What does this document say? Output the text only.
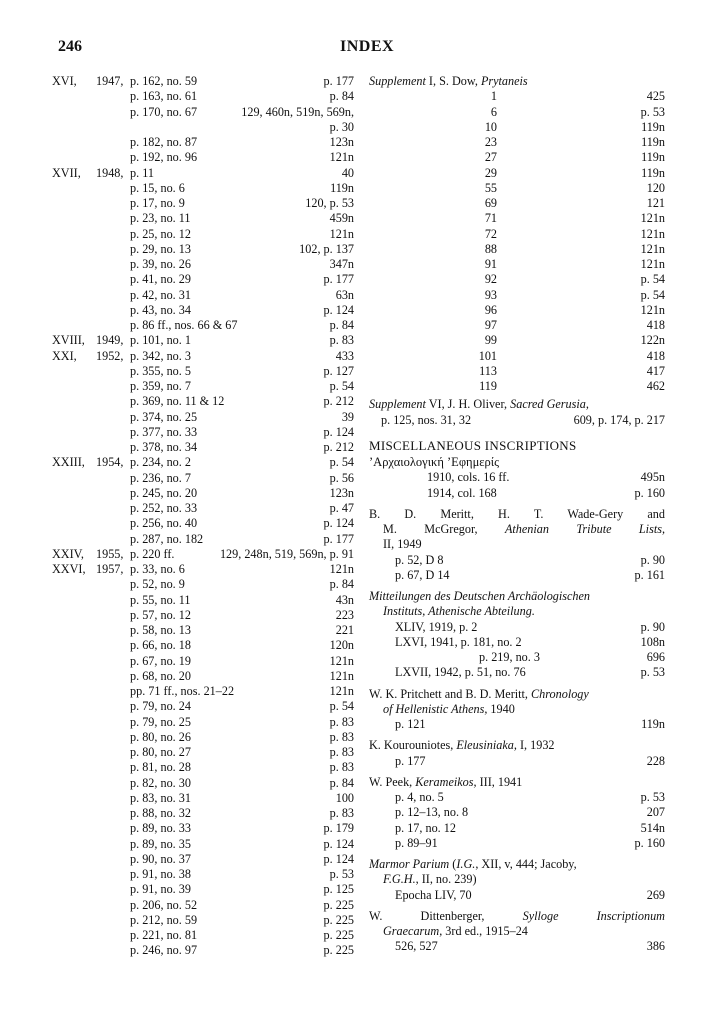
246	INDEX
XVI, 1947, p. 162, no. 59	p. 177
p. 163, no. 61	p. 84
p. 170, no. 67	129, 460n, 519n, 569n,
p. 30
p. 182, no. 87	123n
p. 192, no. 96	121n
XVII, 1948, p. 11	40
p. 15, no. 6	119n
p. 17, no. 9	120, p. 53
p. 23, no. 11	459n
p. 25, no. 12	121n
p. 29, no. 13	102, p. 137
p. 39, no. 26	347n
p. 41, no. 29	p. 177
p. 42, no. 31	63n
p. 43, no. 34	p. 124
p. 86 ff., nos. 66 & 67	p. 84
XVIII, 1949, p. 101, no. 1	p. 83
XXI, 1952, p. 342, no. 3	433
p. 355, no. 5	p. 127
p. 359, no. 7	p. 54
p. 369, no. 11 & 12	p. 212
p. 374, no. 25	39
p. 377, no. 33	p. 124
p. 378, no. 34	p. 212
XXIII, 1954, p. 234, no. 2	p. 54
p. 236, no. 7	p. 56
p. 245, no. 20	123n
p. 252, no. 33	p. 47
p. 256, no. 40	p. 124
p. 287, no. 182	p. 177
XXIV, 1955, p. 220 ff.	129, 248n, 519, 569n, p. 91
XXVI, 1957, p. 33, no. 6	121n
p. 52, no. 9	p. 84
p. 55, no. 11	43n
p. 57, no. 12	223
p. 58, no. 13	221
p. 66, no. 18	120n
p. 67, no. 19	121n
p. 68, no. 20	121n
pp. 71 ff., nos. 21–22	121n
p. 79, no. 24	p. 54
p. 79, no. 25	p. 83
p. 80, no. 26	p. 83
p. 80, no. 27	p. 83
p. 81, no. 28	p. 83
p. 82, no. 30	p. 84
p. 83, no. 31	100
p. 88, no. 32	p. 83
p. 89, no. 33	p. 179
p. 89, no. 35	p. 124
p. 90, no. 37	p. 124
p. 91, no. 38	p. 53
p. 91, no. 39	p. 125
p. 206, no. 52	p. 225
p. 212, no. 59	p. 225
p. 221, no. 81	p. 225
p. 246, no. 97	p. 225
Supplement I, S. Dow, Prytaneis
1	425
6	p. 53
10	119n
23	119n
27	119n
29	119n
55	120
69	121
71	121n
72	121n
88	121n
91	121n
92	p. 54
93	p. 54
96	121n
97	418
99	122n
101	418
113	417
119	462
Supplement VI, J. H. Oliver, Sacred Gerusia,
p. 125, nos. 31, 32	609, p. 174, p. 217
MISCELLANEOUS INSCRIPTIONS
’Αρχαιολογική ’Εφημερίς
1910, cols. 16 ff.	495n
1914, col. 168	p. 160
B. D. Meritt, H. T. Wade-Gery and
M. McGregor, Athenian Tribute Lists,
II, 1949
p. 52, D 8	p. 90
p. 67, D 14	p. 161
Mitteilungen des Deutschen Archäologischen
Instituts, Athenische Abteilung.
XLIV, 1919, p. 2	p. 90
LXVI, 1941, p. 181, no. 2	108n
p. 219, no. 3	696
LXVII, 1942, p. 51, no. 76	p. 53
W. K. Pritchett and B. D. Meritt, Chronology
of Hellenistic Athens, 1940
p. 121	119n
K. Kourouniotes, Eleusiniaka, I, 1932
p. 177	228
W. Peek, Kerameikos, III, 1941
p. 4, no. 5	p. 53
p. 12–13, no. 8	207
p. 17, no. 12	514n
p. 89–91	p. 160
Marmor Parium (I.G., XII, v, 444; Jacoby,
F.G.H., II, no. 239)
Epocha LIV, 70	269
W. Dittenberger,	Sylloge Inscriptionum
Graecarum, 3rd ed., 1915–24
526, 527	386
